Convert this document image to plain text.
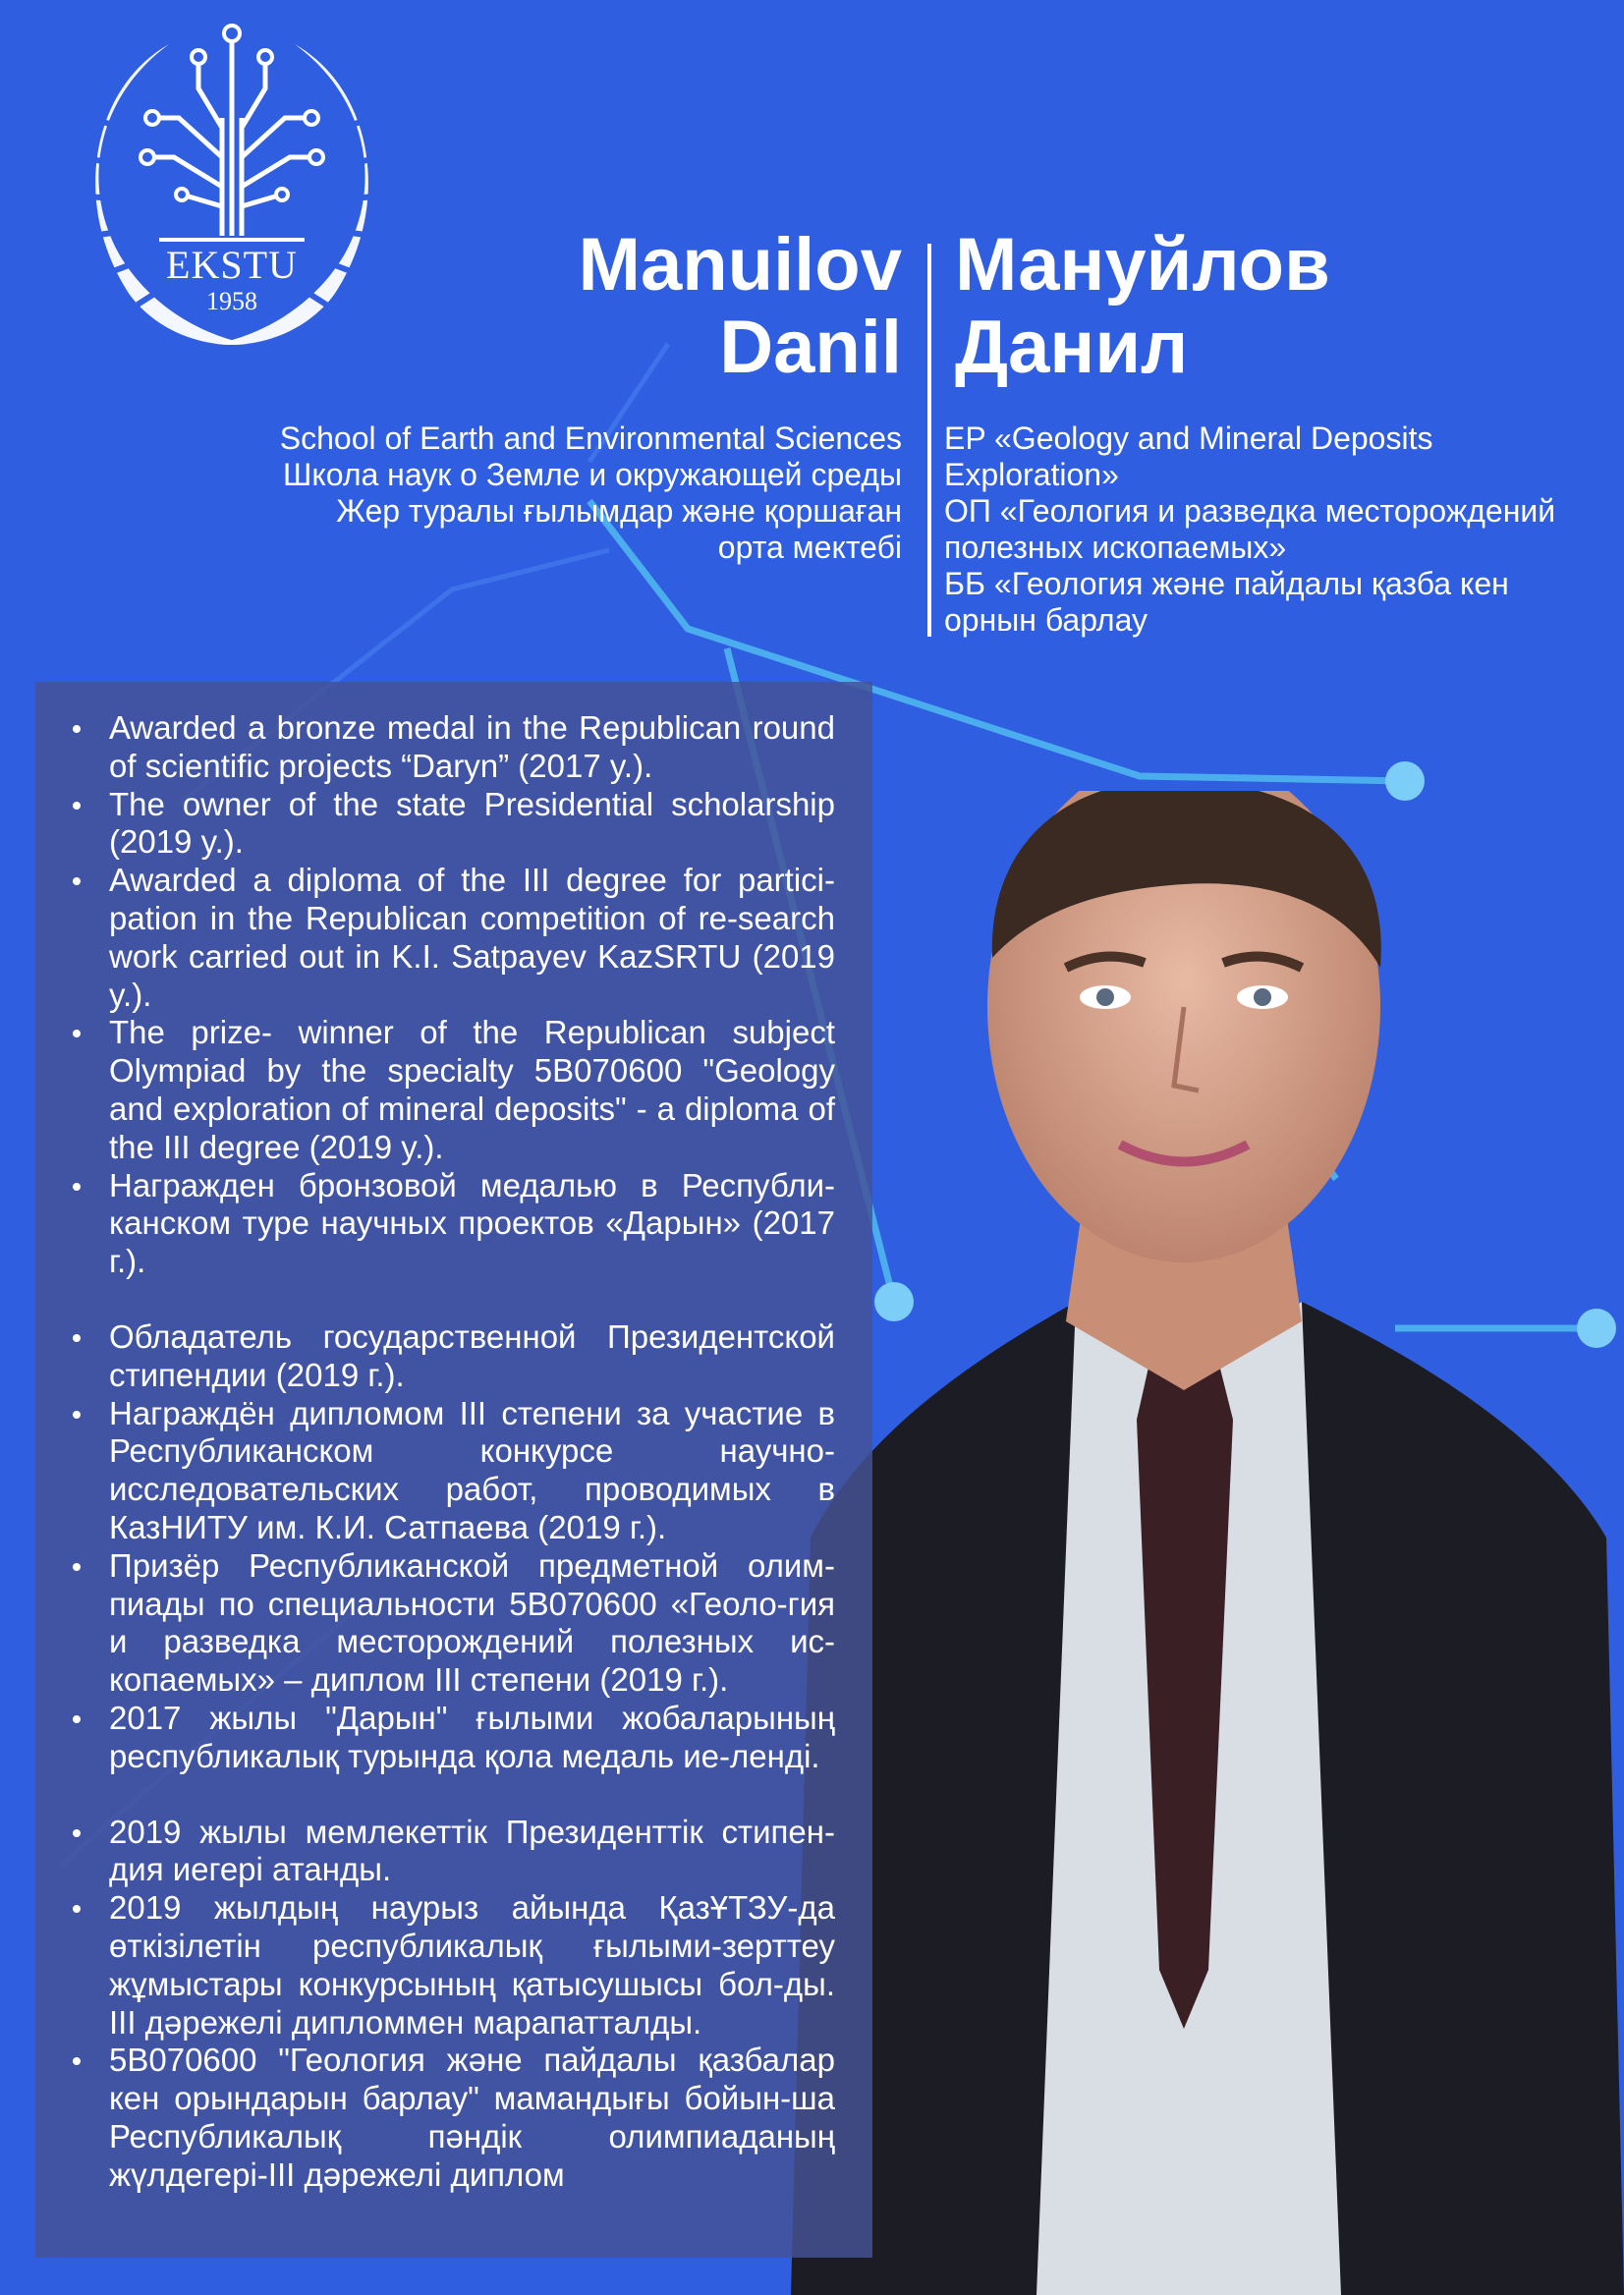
EKSTU
1958	Manuilov
Danil
Мануйлов
Данил
School of Earth and Environmental Sciences
Школа наук о Земле и окружающей среды
Жер туралы ғылымдар және қоршаған
орта мектебі
EP «Geology and Mineral Deposits
Exploration»
ОП «Геология и разведка месторождений
полезных ископаемых»
ББ «Геология және пайдалы қазба кен
орнын барлау
Awarded a bronze medal in the Republican round of scientific projects “Daryn” (2017 y.).
The owner of the state Presidential scholarship (2019 y.).
Awarded a diploma of the III degree for partici-pation in the Republican competition of re-search work carried out in K.I. Satpayev KazSRTU (2019 y.).
The prize- winner of the Republican subject Olympiad by the specialty 5B070600 "Geology and exploration of mineral deposits" - a diploma of the III degree (2019 y.).
Награжден бронзовой медалью в Республи-канском туре научных проектов «Дарын» (2017 г.).
Обладатель государственной Президентской стипендии (2019 г.).
Награждён дипломом III степени за участие в Республиканском конкурсе научно-исследовательских работ, проводимых в КазНИТУ им. К.И. Сатпаева (2019 г.).
Призёр Республиканской предметной олим-пиады по специальности 5В070600 «Геоло-гия и разведка месторождений полезных ис-копаемых» – диплом III степени (2019 г.).
2017 жылы "Дарын" ғылыми жобаларының республикалық турында қола медаль ие-ленді.
2019 жылы мемлекеттік Президенттік стипен-дия иегері атанды.
2019 жылдың наурыз айында ҚазҰТЗУ-да өткізілетін республикалық ғылыми-зерттеу жұмыстары конкурсының қатысушысы бол-ды. III дәрежелі дипломмен марапатталды.
5В070600 "Геология және пайдалы қазбалар кен орындарын барлау" мамандығы бойын-ша Республикалық пәндік олимпиаданың жүлдегері-III дәрежелі диплом
